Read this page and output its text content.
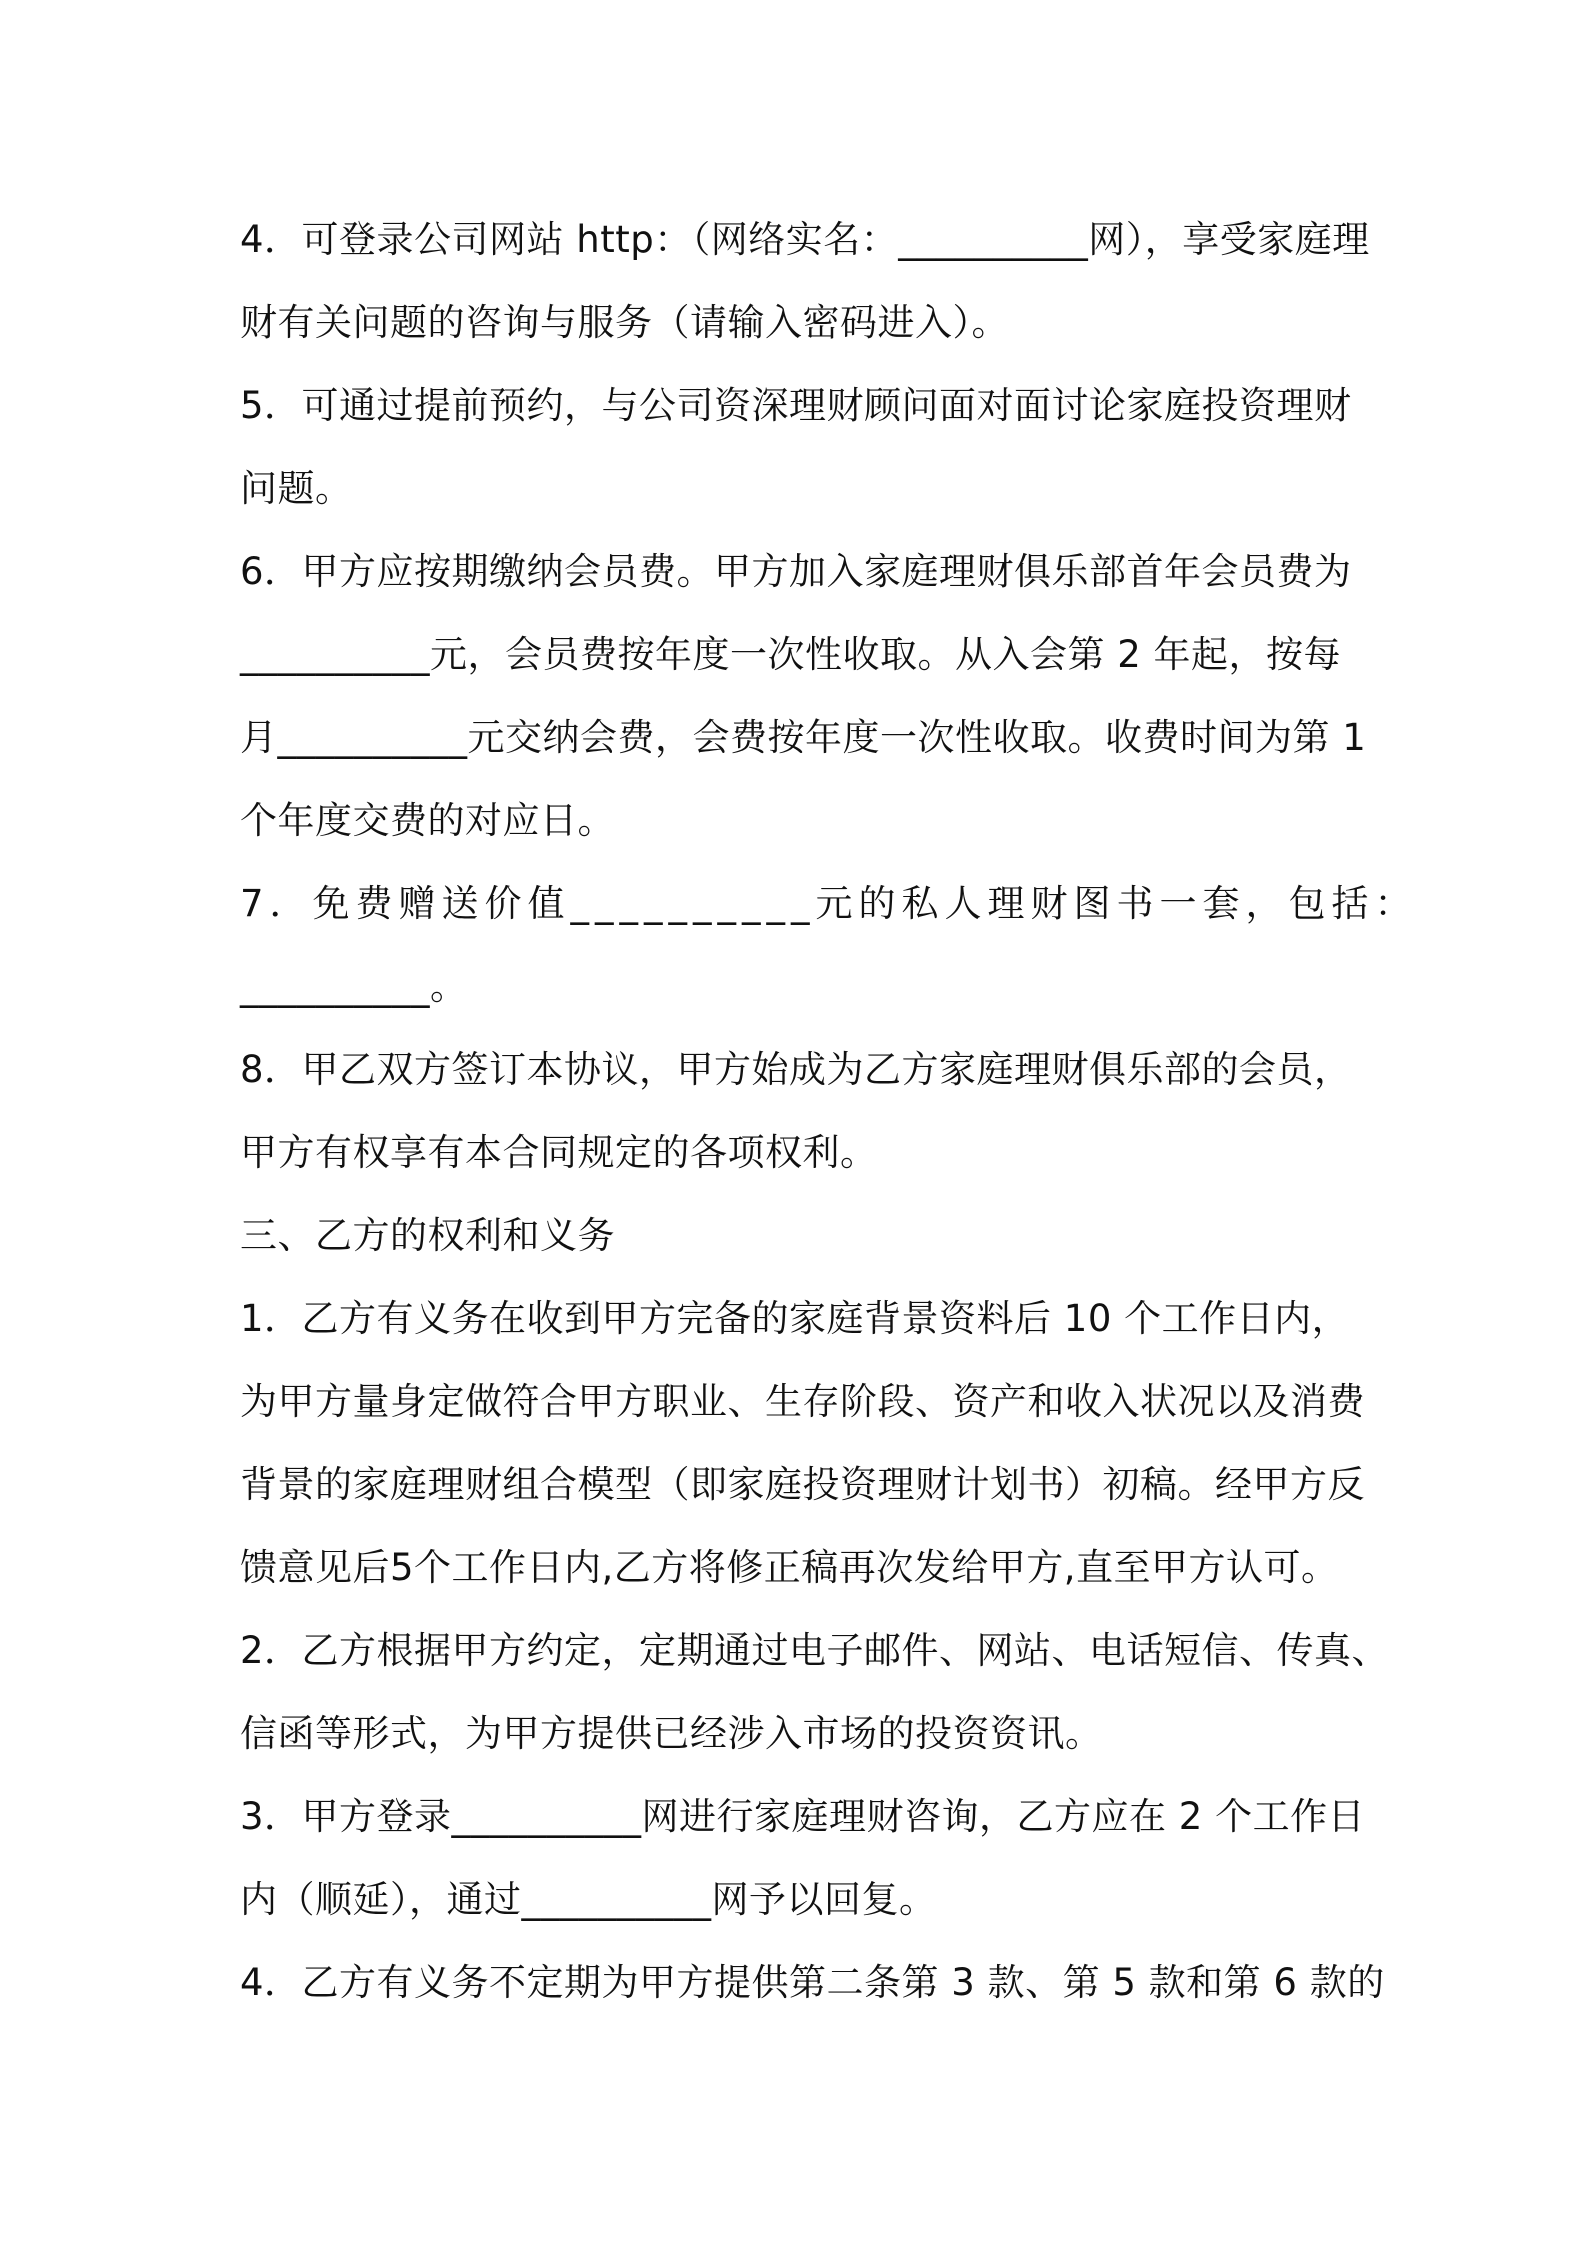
4．可登录公司网站 http：（网络实名：__________网），享受家庭理
财有关问题的咨询与服务（请输入密码进入）。
5．可通过提前预约，与公司资深理财顾问面对面讨论家庭投资理财
问题。
6．甲方应按期缴纳会员费。甲方加入家庭理财俱乐部首年会员费为
__________元，会员费按年度一次性收取。从入会第 2 年起，按每
月__________元交纳会费，会费按年度一次性收取。收费时间为第 1
个年度交费的对应日。
7．免费赠送价值__________元的私人理财图书一套，包括：
__________。
8．甲乙双方签订本协议，甲方始成为乙方家庭理财俱乐部的会员，
甲方有权享有本合同规定的各项权利。
三、乙方的权利和义务
1．乙方有义务在收到甲方完备的家庭背景资料后 10 个工作日内，
为甲方量身定做符合甲方职业、生存阶段、资产和收入状况以及消费
背景的家庭理财组合模型（即家庭投资理财计划书）初稿。经甲方反
馈意见后5个工作日内,乙方将修正稿再次发给甲方,直至甲方认可。
2．乙方根据甲方约定，定期通过电子邮件、网站、电话短信、传真、
信函等形式，为甲方提供已经涉入市场的投资资讯。
3．甲方登录__________网进行家庭理财咨询，乙方应在 2 个工作日
内（顺延），通过__________网予以回复。
4．乙方有义务不定期为甲方提供第二条第 3 款、第 5 款和第 6 款的
